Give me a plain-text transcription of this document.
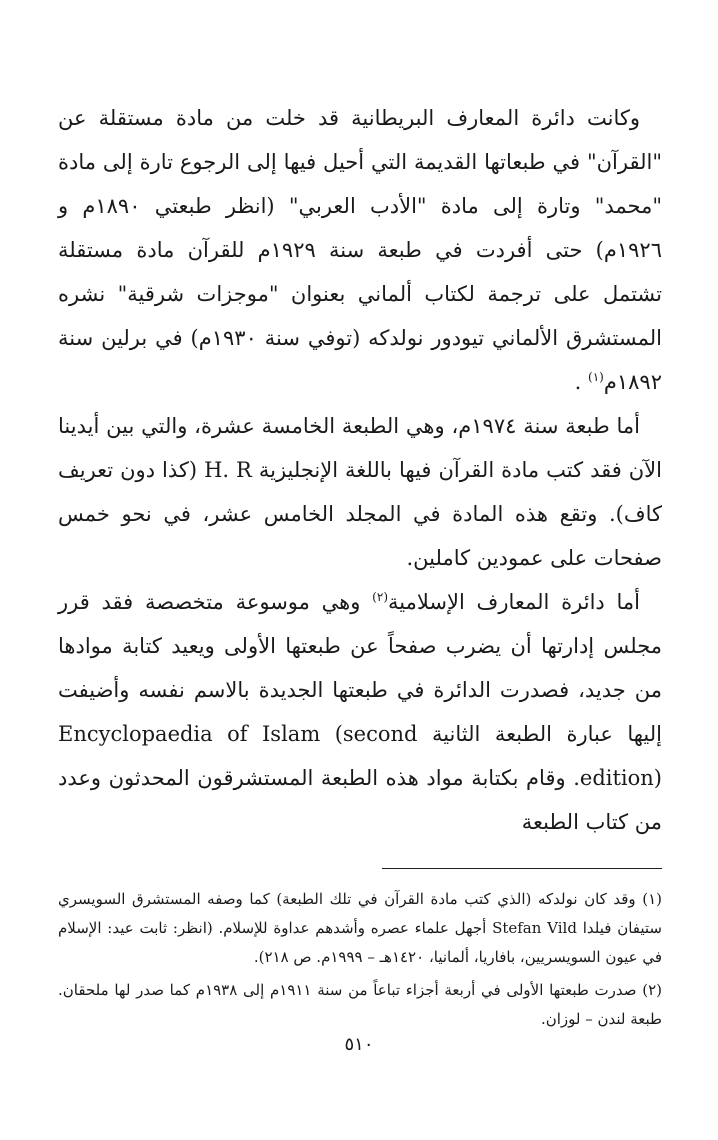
وكانت دائرة المعارف البريطانية قد خلت من مادة مستقلة عن "القرآن" في طبعاتها القديمة التي أحيل فيها إلى الرجوع تارة إلى مادة "محمد" وتارة إلى مادة "الأدب العربي" (انظر طبعتي ١٨٩٠م و ١٩٢٦م) حتى أفردت في طبعة سنة ١٩٢٩م للقرآن مادة مستقلة تشتمل على ترجمة لكتاب ألماني بعنوان "موجزات شرقية" نشره المستشرق الألماني تيودور نولدكه (توفي سنة ١٩٣٠م) في برلين سنة ١٨٩٢م$^{(١)}$ .

أما طبعة سنة ١٩٧٤م، وهي الطبعة الخامسة عشرة، والتي بين أيدينا الآن فقد كتب مادة القرآن فيها باللغة الإنجليزية H. R (كذا دون تعريف كاف). وتقع هذه المادة في المجلد الخامس عشر، في نحو خمس صفحات على عمودين كاملين.

أما دائرة المعارف الإسلامية$^{(٢)}$ وهي موسوعة متخصصة فقد قرر مجلس إدارتها أن يضرب صفحاً عن طبعتها الأولى ويعيد كتابة موادها من جديد، فصدرت الدائرة في طبعتها الجديدة بالاسم نفسه وأضيفت إليها عبارة الطبعة الثانية Encyclopaedia of Islam (second edition). وقام بكتابة مواد هذه الطبعة المستشرقون المحدثون وعدد من كتاب الطبعة

(١) وقد كان نولدكه (الذي كتب مادة القرآن في تلك الطبعة) كما وصفه المستشرق السويسري ستيفان فيلدا Stefan Vild أجهل علماء عصره وأشدهم عداوة للإسلام. (انظر: ثابت عيد: الإسلام في عيون السويسريين، بافاريا، ألمانيا، ١٤٢٠هـ – ١٩٩٩م. ص ٢١٨).

(٢) صدرت طبعتها الأولى في أربعة أجزاء تباعاً من سنة ١٩١١م إلى ١٩٣٨م كما صدر لها ملحقان. طبعة لندن – لوزان.

٥١٠
